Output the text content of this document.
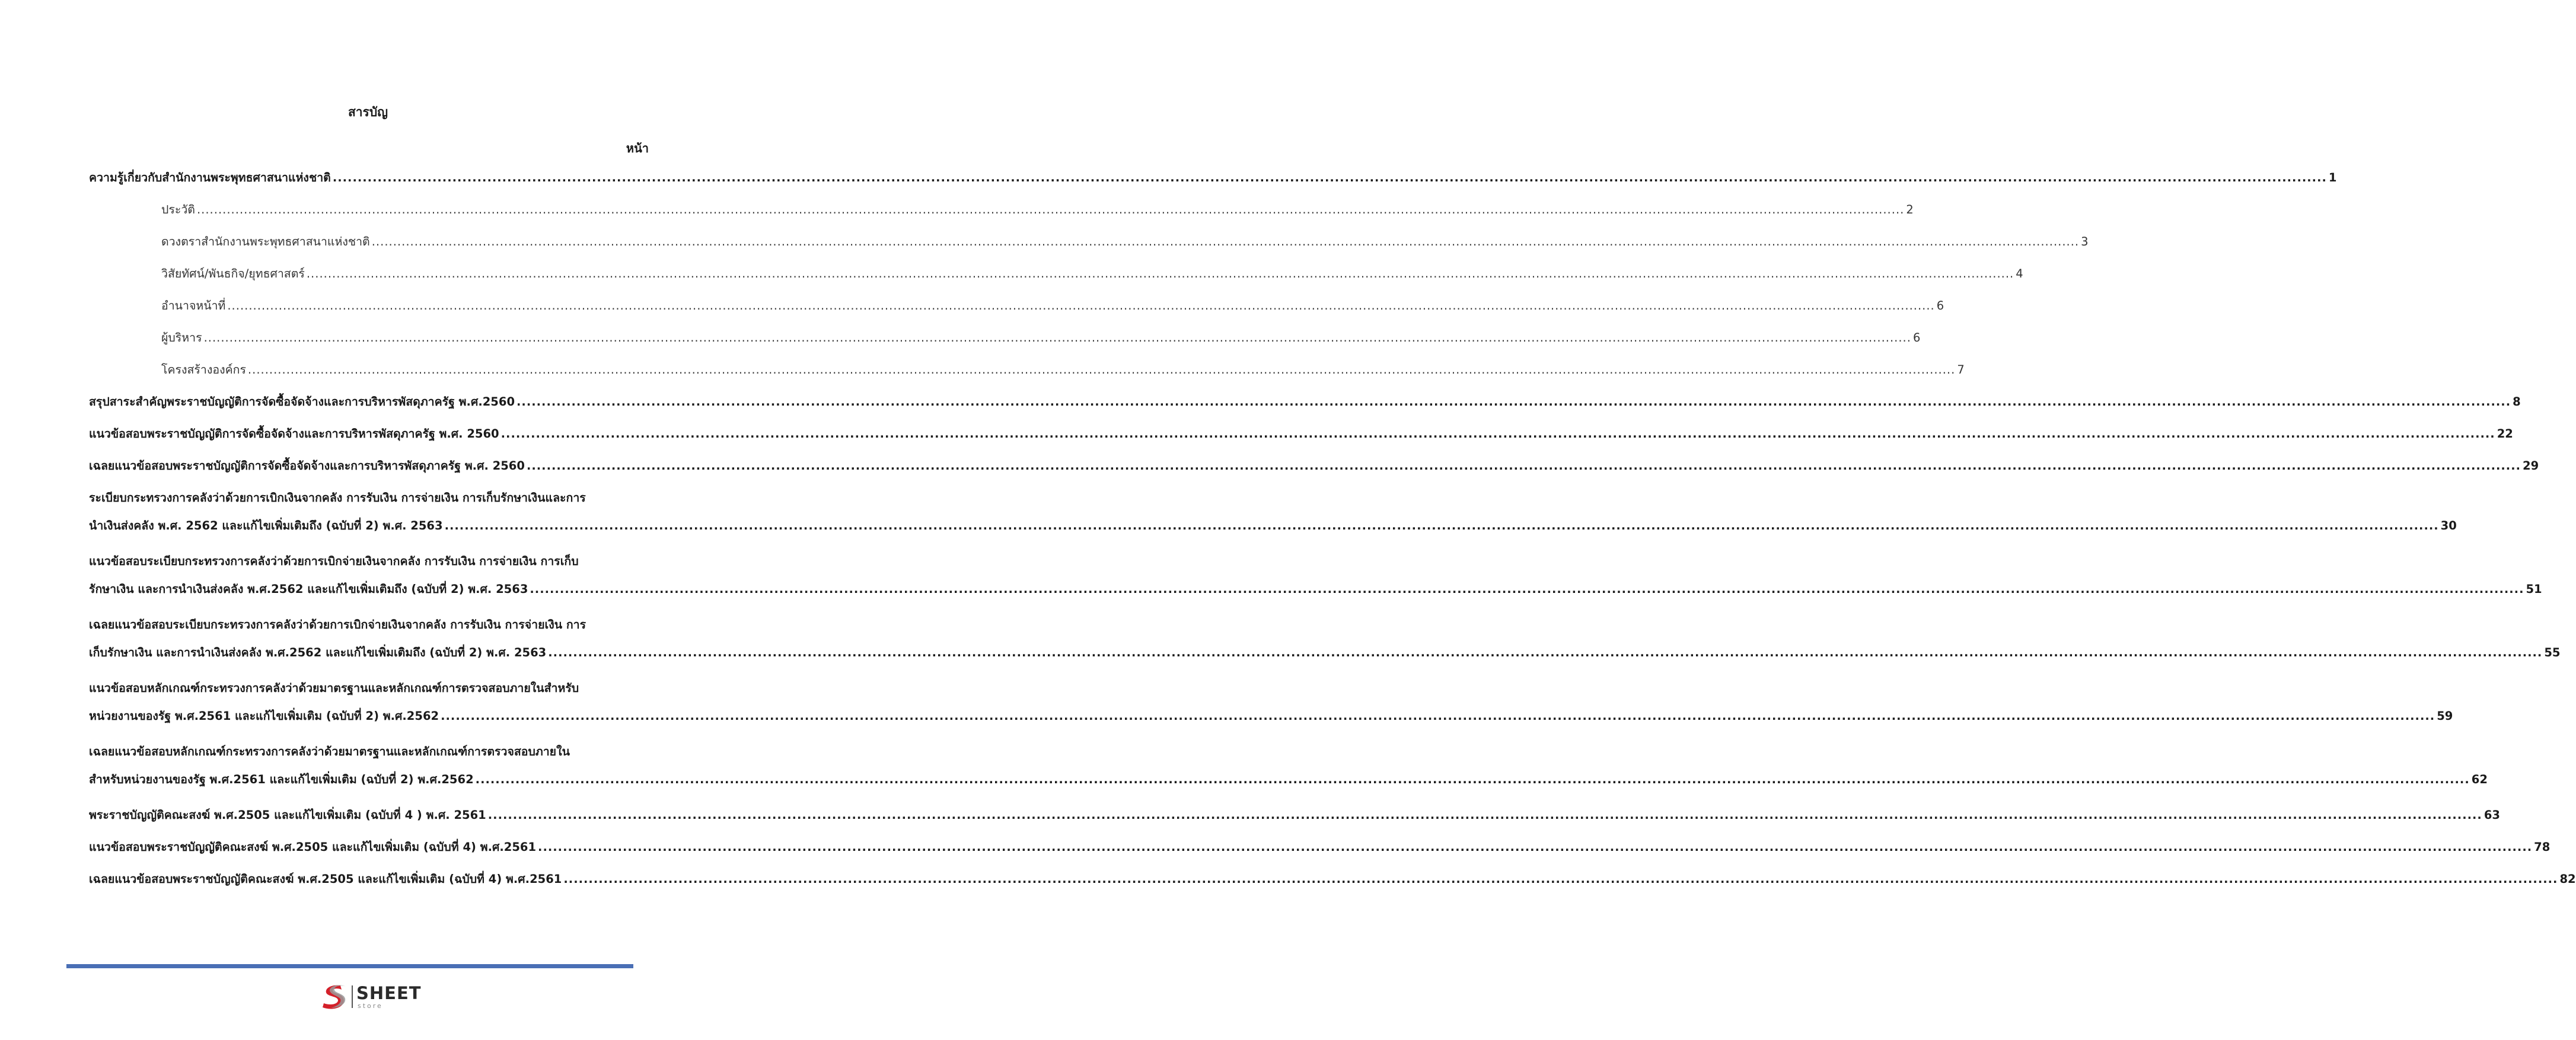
สารบัญ
หน้า
ความรู้เกี่ยวกับสำนักงานพระพุทธศาสนาแห่งชาติ ................................................................................................................................................................................................................................................................................................................................................................................................................ 1
ประวัติ ................................................................................................................................................................................................................................................................................................................................................................................................................ 2
ดวงตราสำนักงานพระพุทธศาสนาแห่งชาติ ................................................................................................................................................................................................................................................................................................................................................................................................................ 3
วิสัยทัศน์/พันธกิจ/ยุทธศาสตร์ ................................................................................................................................................................................................................................................................................................................................................................................................................ 4
อำนาจหน้าที่ ................................................................................................................................................................................................................................................................................................................................................................................................................ 6
ผู้บริหาร ................................................................................................................................................................................................................................................................................................................................................................................................................ 6
โครงสร้างองค์กร ................................................................................................................................................................................................................................................................................................................................................................................................................ 7
สรุปสาระสำคัญพระราชบัญญัติการจัดซื้อจัดจ้างและการบริหารพัสดุภาครัฐ พ.ศ.2560 ................................................................................................................................................................................................................................................................................................................................................................................................................ 8
แนวข้อสอบพระราชบัญญัติการจัดซื้อจัดจ้างและการบริหารพัสดุภาครัฐ พ.ศ. 2560 ................................................................................................................................................................................................................................................................................................................................................................................................................ 22
เฉลยแนวข้อสอบพระราชบัญญัติการจัดซื้อจัดจ้างและการบริหารพัสดุภาครัฐ พ.ศ. 2560 ................................................................................................................................................................................................................................................................................................................................................................................................................ 29
ระเบียบกระทรวงการคลังว่าด้วยการเบิกเงินจากคลัง การรับเงิน การจ่ายเงิน การเก็บรักษาเงินและการ
นำเงินส่งคลัง พ.ศ. 2562 และแก้ไขเพิ่มเติมถึง (ฉบับที่ 2) พ.ศ. 2563 ................................................................................................................................................................................................................................................................................................................................................................................................................ 30
แนวข้อสอบระเบียบกระทรวงการคลังว่าด้วยการเบิกจ่ายเงินจากคลัง การรับเงิน การจ่ายเงิน การเก็บ
รักษาเงิน และการนำเงินส่งคลัง พ.ศ.2562 และแก้ไขเพิ่มเติมถึง (ฉบับที่ 2) พ.ศ. 2563 ................................................................................................................................................................................................................................................................................................................................................................................................................ 51
เฉลยแนวข้อสอบระเบียบกระทรวงการคลังว่าด้วยการเบิกจ่ายเงินจากคลัง การรับเงิน การจ่ายเงิน การ
เก็บรักษาเงิน และการนำเงินส่งคลัง พ.ศ.2562 และแก้ไขเพิ่มเติมถึง (ฉบับที่ 2) พ.ศ. 2563 ................................................................................................................................................................................................................................................................................................................................................................................................................ 55
แนวข้อสอบหลักเกณฑ์กระทรวงการคลังว่าด้วยมาตรฐานและหลักเกณฑ์การตรวจสอบภายในสำหรับ
หน่วยงานของรัฐ พ.ศ.2561 และแก้ไขเพิ่มเติม (ฉบับที่ 2) พ.ศ.2562 ................................................................................................................................................................................................................................................................................................................................................................................................................ 59
เฉลยแนวข้อสอบหลักเกณฑ์กระทรวงการคลังว่าด้วยมาตรฐานและหลักเกณฑ์การตรวจสอบภายใน
สำหรับหน่วยงานของรัฐ พ.ศ.2561 และแก้ไขเพิ่มเติม (ฉบับที่ 2) พ.ศ.2562 ................................................................................................................................................................................................................................................................................................................................................................................................................ 62
พระราชบัญญัติคณะสงฆ์ พ.ศ.2505 และแก้ไขเพิ่มเติม (ฉบับที่ 4 ) พ.ศ. 2561 ................................................................................................................................................................................................................................................................................................................................................................................................................ 63
แนวข้อสอบพระราชบัญญัติคณะสงฆ์ พ.ศ.2505 และแก้ไขเพิ่มเติม (ฉบับที่ 4) พ.ศ.2561 ................................................................................................................................................................................................................................................................................................................................................................................................................ 78
เฉลยแนวข้อสอบพระราชบัญญัติคณะสงฆ์ พ.ศ.2505 และแก้ไขเพิ่มเติม (ฉบับที่ 4) พ.ศ.2561 ................................................................................................................................................................................................................................................................................................................................................................................................................ 82
SHEET
store
